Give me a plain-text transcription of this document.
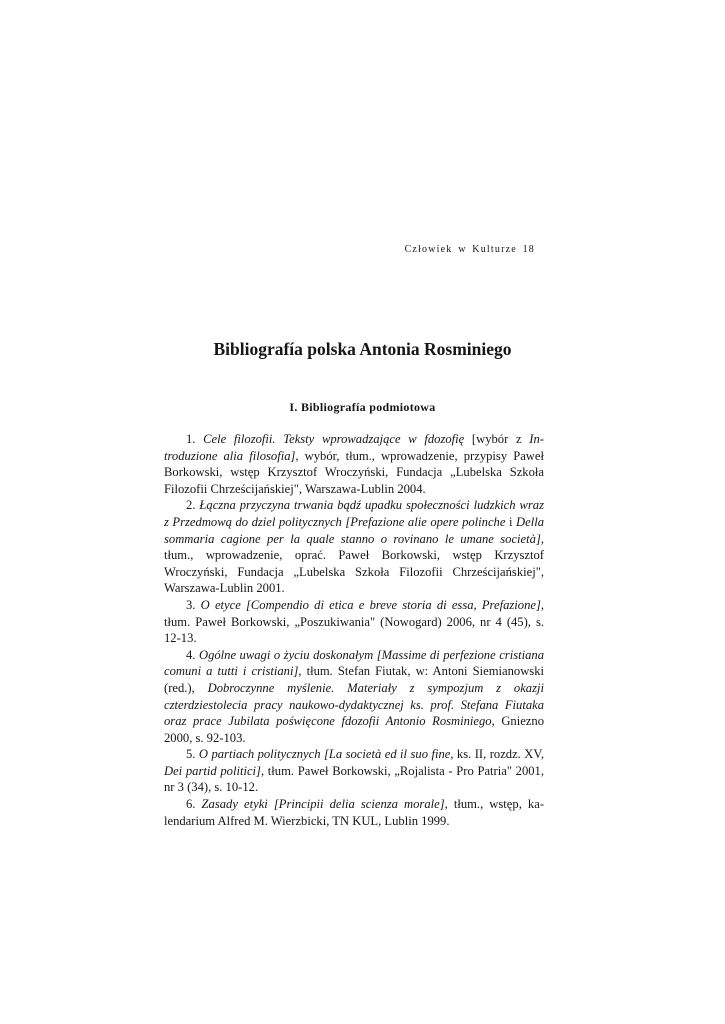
Człowiek w Kulturze 18
Bibliografía polska Antonia Rosminiego
I. Bibliografía podmiotowa

1. Cele filozofii. Teksty wprowadzające w fdozofię [wybór z Introduzione alia filosofia], wybór, tłum., wprowadzenie, przypisy Paweł Borkowski, wstęp Krzysztof Wroczyński, Fundacja „Lubelska Szkoła Filozofii Chrześcijańskiej", Warszawa-Lublin 2004.

2. Łączna przyczyna trwania bądź upadku społeczności ludzkich wraz z Przedmową do dziel politycznych [Prefazione alie opere polinche i Della sommaria cagione per la quale stanno o rovinano le umane società], tłum., wprowadzenie, oprać. Paweł Borkowski, wstęp Krzysztof Wroczyński, Fundacja „Lubelska Szkoła Filozofii Chrześcijańskiej", Warszawa-Lublin 2001.

3. O etyce [Compendio di etica e breve storia di essa, Prefazione], tłum. Paweł Borkowski, „Poszukiwania" (Nowogard) 2006, nr 4 (45), s. 12-13.

4. Ogólne uwagi o życiu doskonałym [Massime di perfezione cristiana comuni a tutti i cristiani], tłum. Stefan Fiutak, w: Antoni Siemianowski (red.), Dobroczynne myślenie. Materiały z sympozjum z okazji czterdziestolecia pracy naukowo-dydaktycznej ks. prof. Stefana Fiutaka oraz prace Jubilata poświęcone fdozofii Antonio Rosminiego, Gniezno 2000, s. 92-103.

5. O partiach politycznych [La società ed il suo fine, ks. II, rozdz. XV, Dei partid politici], tłum. Paweł Borkowski, „Rojalista - Pro Patria" 2001, nr 3 (34), s. 10-12.

6. Zasady etyki [Principii delia scienza morale], tłum., wstęp, kalendarium Alfred M. Wierzbicki, TN KUL, Lublin 1999.
